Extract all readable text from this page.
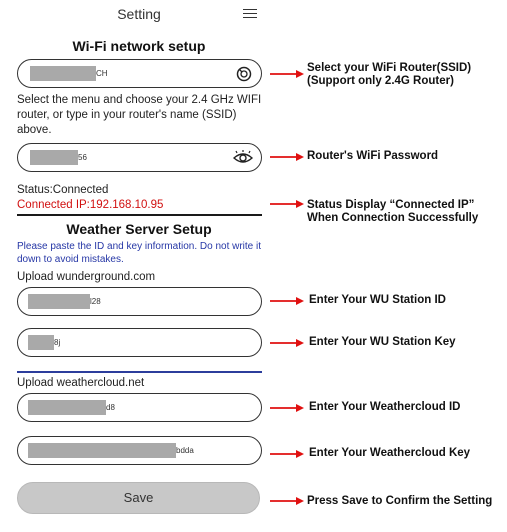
Setting
Wi-Fi network setup
CH
Select the menu and choose your 2.4 GHz WIFI router, or type in your router's name (SSID) above.
56
Status:Connected
Connected IP:192.168.10.95
Weather Server Setup
Please paste the ID and key information. Do not write it down to avoid mistakes.
Upload wunderground.com
l28
8j
Upload weathercloud.net
d8
bdda
Save
Select your WiFi Router(SSID)
(Support only 2.4G Router)
Router's WiFi Password
Status Display “Connected IP”
When Connection Successfully
Enter Your WU Station ID
Enter Your WU Station Key
Enter Your Weathercloud ID
Enter Your Weathercloud Key
Press Save to Confirm the Setting
